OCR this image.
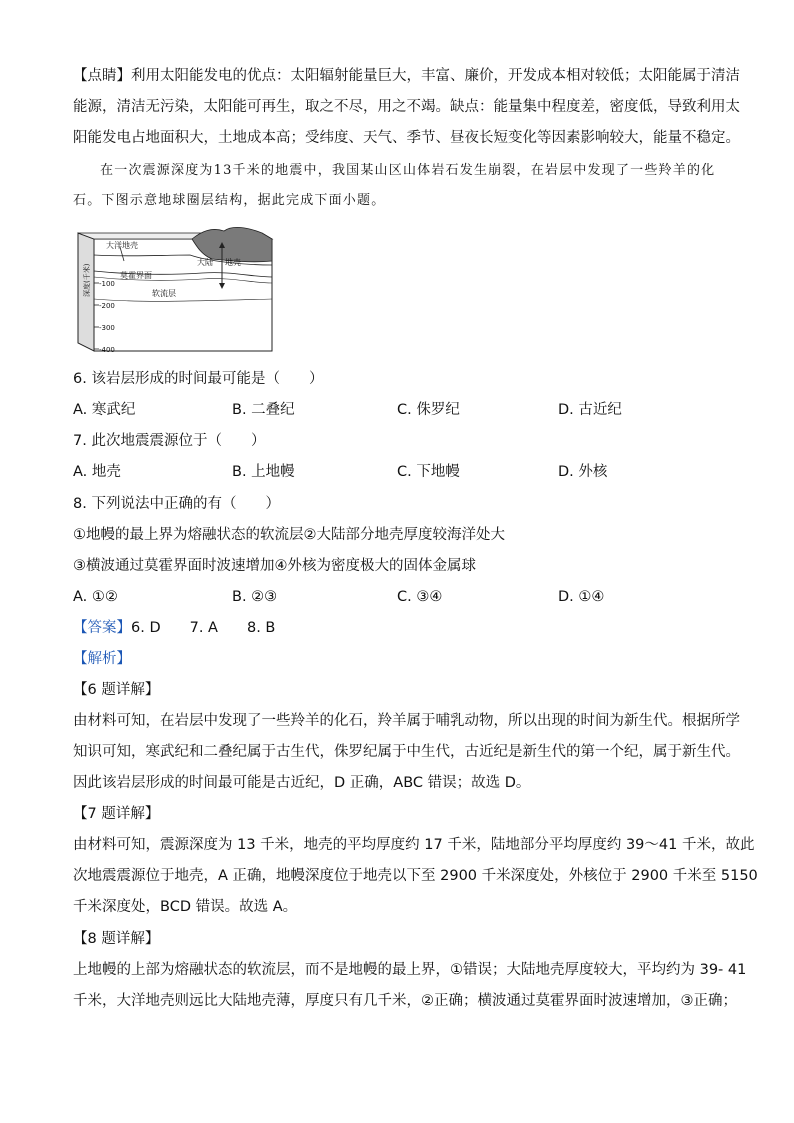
【点睛】利用太阳能发电的优点：太阳辐射能量巨大，丰富、廉价，开发成本相对较低；太阳能属于清洁
能源，清洁无污染，太阳能可再生，取之不尽，用之不竭。缺点：能量集中程度差，密度低，导致利用太
阳能发电占地面积大，土地成本高；受纬度、天气、季节、昼夜长短变化等因素影响较大，能量不稳定。
在一次震源深度为13千米的地震中，我国某山区山体岩石发生崩裂，在岩层中发现了一些羚羊的化
石。下图示意地球圈层结构，据此完成下面小题。
大洋地壳
大陆 地壳
莫霍界面
软流层
-100
-200
-300
-400
深度(千米)
6. 该岩层形成的时间最可能是（　　）
A. 寒武纪	B. 二叠纪	C. 侏罗纪	D. 古近纪
7. 此次地震震源位于（　　）
A. 地壳	B. 上地幔	C. 下地幔	D. 外核
8. 下列说法中正确的有（　　）
①地幔的最上界为熔融状态的软流层②大陆部分地壳厚度较海洋处大
③横波通过莫霍界面时波速增加④外核为密度极大的固体金属球
A. ①②	B. ②③	C. ③④	D. ①④
【答案】6. D　　7. A　　8. B
【解析】
【6 题详解】
由材料可知，在岩层中发现了一些羚羊的化石，羚羊属于哺乳动物，所以出现的时间为新生代。根据所学
知识可知，寒武纪和二叠纪属于古生代，侏罗纪属于中生代，古近纪是新生代的第一个纪，属于新生代。
因此该岩层形成的时间最可能是古近纪，D 正确，ABC 错误；故选 D。
【7 题详解】
由材料可知，震源深度为 13 千米，地壳的平均厚度约 17 千米，陆地部分平均厚度约 39～41 千米，故此
次地震震源位于地壳，A 正确，地幔深度位于地壳以下至 2900 千米深度处，外核位于 2900 千米至 5150
千米深度处，BCD 错误。故选 A。
【8 题详解】
上地幔的上部为熔融状态的软流层，而不是地幔的最上界，①错误；大陆地壳厚度较大，平均约为 39- 41
千米，大洋地壳则远比大陆地壳薄，厚度只有几千米，②正确；横波通过莫霍界面时波速增加，③正确；
